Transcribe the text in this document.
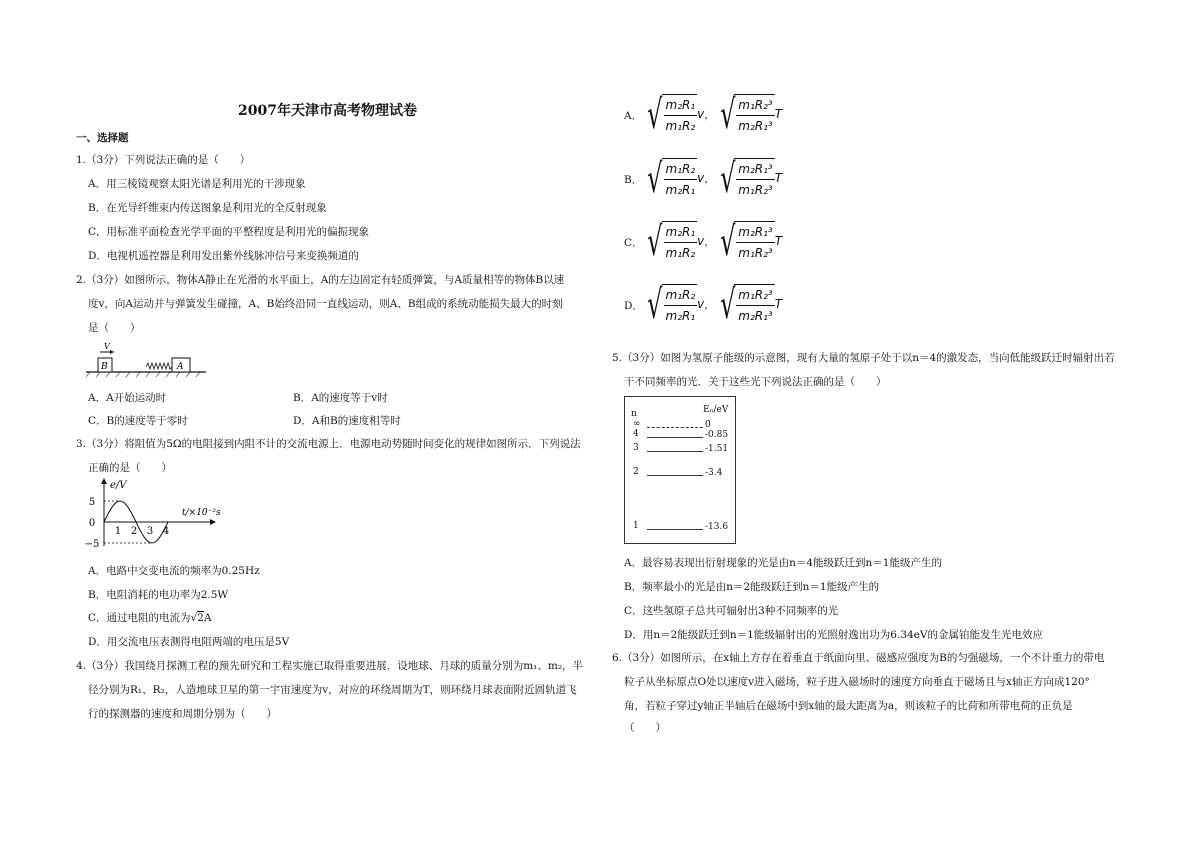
2007年天津市高考物理试卷
一、选择题
1.（3分）下列说法正确的是（　　）
A．用三棱镜观察太阳光谱是利用光的干涉现象
B．在光导纤维束内传送图象是利用光的全反射现象
C．用标准平面检查光学平面的平整程度是利用光的偏振现象
D．电视机遥控器是利用发出紫外线脉冲信号来变换频道的
2.（3分）如图所示，物体A静止在光滑的水平面上，A的左边固定有轻质弹簧，与A质量相等的物体B以速
度v，向A运动并与弹簧发生碰撞，A、B始终沿同一直线运动，则A、B组成的系统动能损失最大的时刻
是（　　）
B
V
A
A．A开始运动时	B．A的速度等于v时
C．B的速度等于零时	D．A和B的速度相等时
3.（3分）将阻值为5Ω的电阻接到内阻不计的交流电源上．电源电动势随时间变化的规律如图所示．下列说法
正确的是（　　）
e/V
t/×10⁻²s
5
0
−5
1 2 3 4
A．电路中交变电流的频率为0.25Hz
B．电阻消耗的电功率为2.5W
C．通过电阻的电流为√2A
D．用交流电压表测得电阻两端的电压是5V
4.（3分）我国绕月探测工程的预先研究和工程实施已取得重要进展．设地球、月球的质量分别为m₁、m₂，半
径分别为R₁、R₂，人造地球卫星的第一宇宙速度为v，对应的环绕周期为T，则环绕月球表面附近圆轨道飞
行的探测器的速度和周期分别为（　　）
A． √ $\frac{\text{m₂R₁}}{\text{m₁R₂}}$ v， √ $\frac{\text{m₁R₂³}}{\text{m₂R₁³}}$ T
B． √ $\frac{\text{m₁R₂}}{\text{m₂R₁}}$ v， √ $\frac{\text{m₂R₁³}}{\text{m₁R₂³}}$ T
C． √ $\frac{\text{m₂R₁}}{\text{m₁R₂}}$ v， √ $\frac{\text{m₂R₁³}}{\text{m₁R₂³}}$ T
D． √ $\frac{\text{m₁R₂}}{\text{m₂R₁}}$ v， √ $\frac{\text{m₁R₂³}}{\text{m₂R₁³}}$ T
5.（3分）如图为氢原子能级的示意图，现有大量的氢原子处于以n＝4的激发态，当向低能级跃迁时辐射出若
干不同频率的光．关于这些光下列说法正确的是（　　）
n	Eₙ/eV
∞	0
4	-0.85
3	-1.51
2	-3.4
1	-13.6
A．最容易表现出衍射现象的光是由n＝4能级跃迁到n＝1能级产生的
B．频率最小的光是由n＝2能级跃迁到n＝1能级产生的
C．这些氢原子总共可辐射出3种不同频率的光
D．用n＝2能级跃迁到n＝1能级辐射出的光照射逸出功为6.34eV的金属铂能发生光电效应
6.（3分）如图所示，在x轴上方存在着垂直于纸面向里、磁感应强度为B的匀强磁场，一个不计重力的带电
粒子从坐标原点O处以速度v进入磁场，粒子进入磁场时的速度方向垂直于磁场且与x轴正方向成120°
角，若粒子穿过y轴正半轴后在磁场中到x轴的最大距离为a，则该粒子的比荷和所带电荷的正负是
（　　）
